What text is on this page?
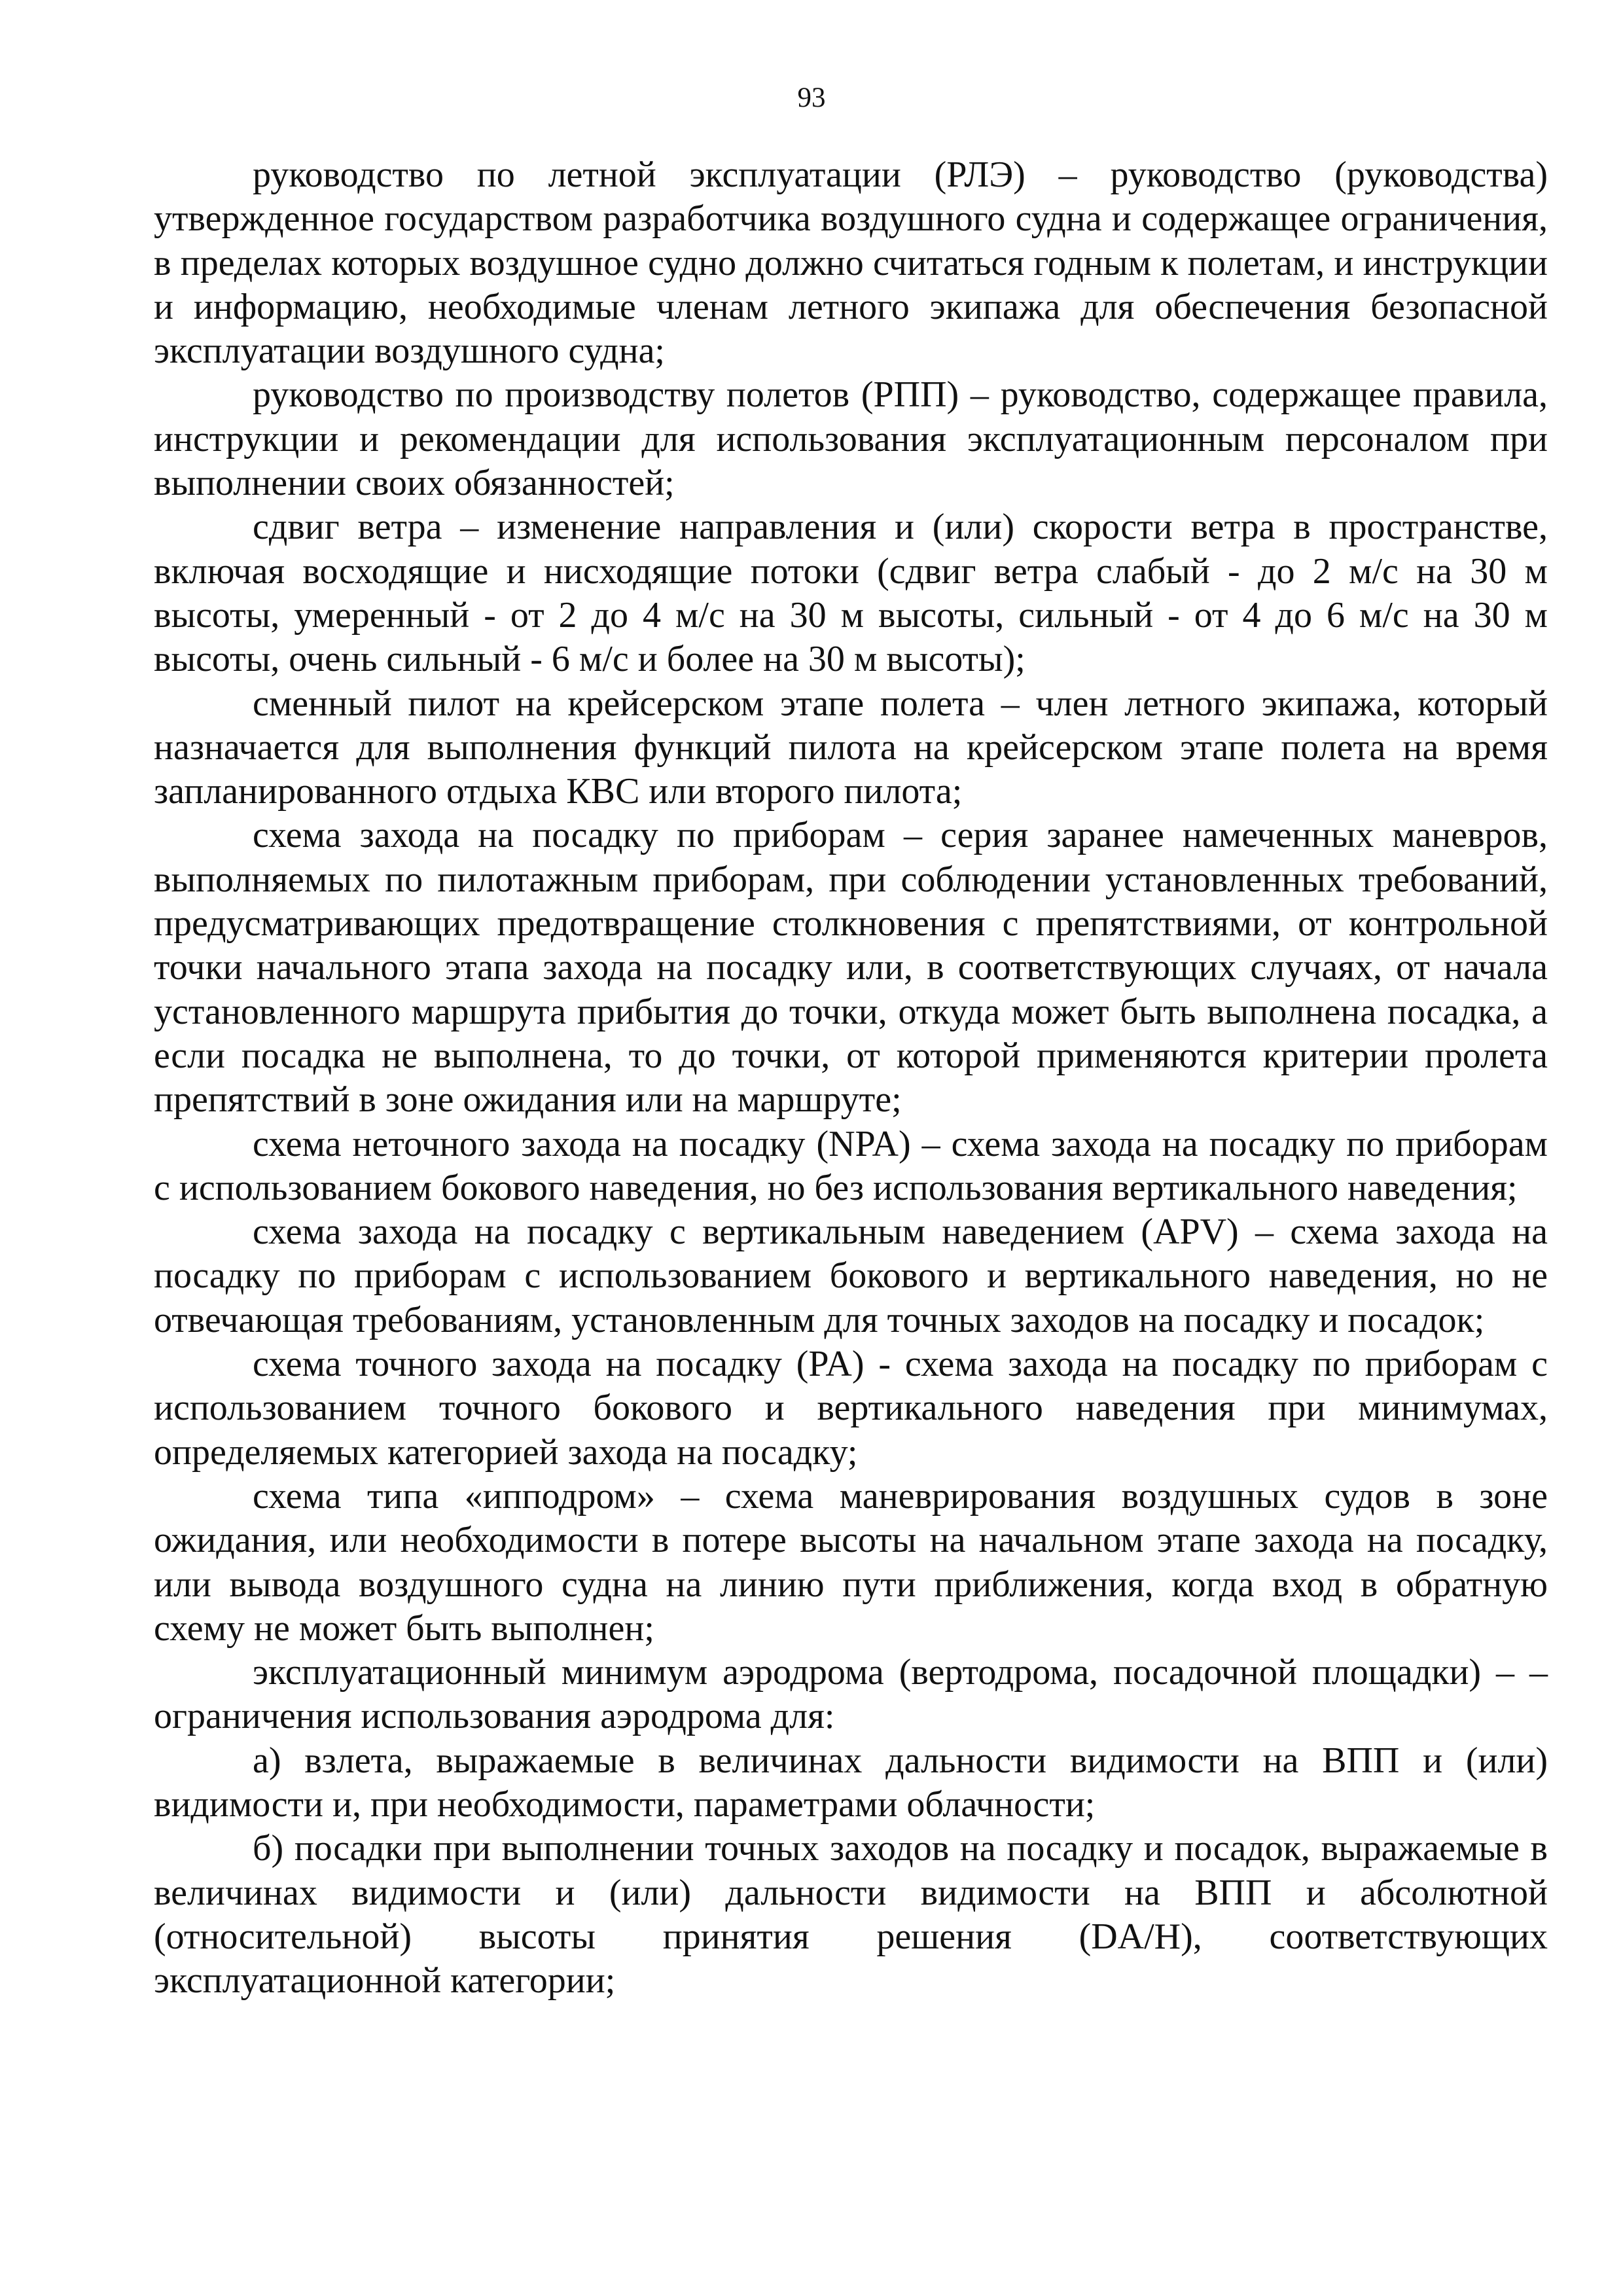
93

руководство по летной эксплуатации (РЛЭ) – руководство (руководства) утвержденное государством разработчика воздушного судна и содержащее ограничения, в пределах которых воздушное судно должно считаться годным к полетам, и инструкции и информацию, необходимые членам летного экипажа для обеспечения безопасной эксплуатации воздушного судна;

руководство по производству полетов (РПП) – руководство, содержащее правила, инструкции и рекомендации для использования эксплуатационным персоналом при выполнении своих обязанностей;

сдвиг ветра – изменение направления и (или) скорости ветра в пространстве, включая восходящие и нисходящие потоки (сдвиг ветра слабый - до 2 м/с на 30 м высоты, умеренный - от 2 до 4 м/с на 30 м высоты, сильный - от 4 до 6 м/с на 30 м высоты, очень сильный - 6 м/с и более на 30 м высоты);

сменный пилот на крейсерском этапе полета – член летного экипажа, который назначается для выполнения функций пилота на крейсерском этапе полета на время запланированного отдыха КВС или второго пилота;

схема захода на посадку по приборам – серия заранее намеченных маневров, выполняемых по пилотажным приборам, при соблюдении установленных требований, предусматривающих предотвращение столкновения с препятствиями, от контрольной точки начального этапа захода на посадку или, в соответствующих случаях, от начала установленного маршрута прибытия до точки, откуда может быть выполнена посадка, а если посадка не выполнена, то до точки, от которой применяются критерии пролета препятствий в зоне ожидания или на маршруте;

схема неточного захода на посадку (NPA) – схема захода на посадку по приборам с использованием бокового наведения, но без использования вертикального наведения;

схема захода на посадку с вертикальным наведением (APV) – схема захода на посадку по приборам с использованием бокового и вертикального наведения, но не отвечающая требованиям, установленным для точных заходов на посадку и посадок;

схема точного захода на посадку (PA) - схема захода на посадку по приборам с использованием точного бокового и вертикального наведения при минимумах, определяемых категорией захода на посадку;

схема типа «ипподром» – схема маневрирования воздушных судов в зоне ожидания, или необходимости в потере высоты на начальном этапе захода на посадку, или вывода воздушного судна на линию пути приближения, когда вход в обратную схему не может быть выполнен;

эксплуатационный минимум аэродрома (вертодрома, посадочной площадки) – – ограничения использования аэродрома для:

а) взлета, выражаемые в величинах дальности видимости на ВПП и (или) видимости и, при необходимости, параметрами облачности;

б) посадки при выполнении точных заходов на посадку и посадок, выражаемые в величинах видимости и (или) дальности видимости на ВПП и абсолютной (относительной) высоты принятия решения (DA/H), соответствующих эксплуатационной категории;
